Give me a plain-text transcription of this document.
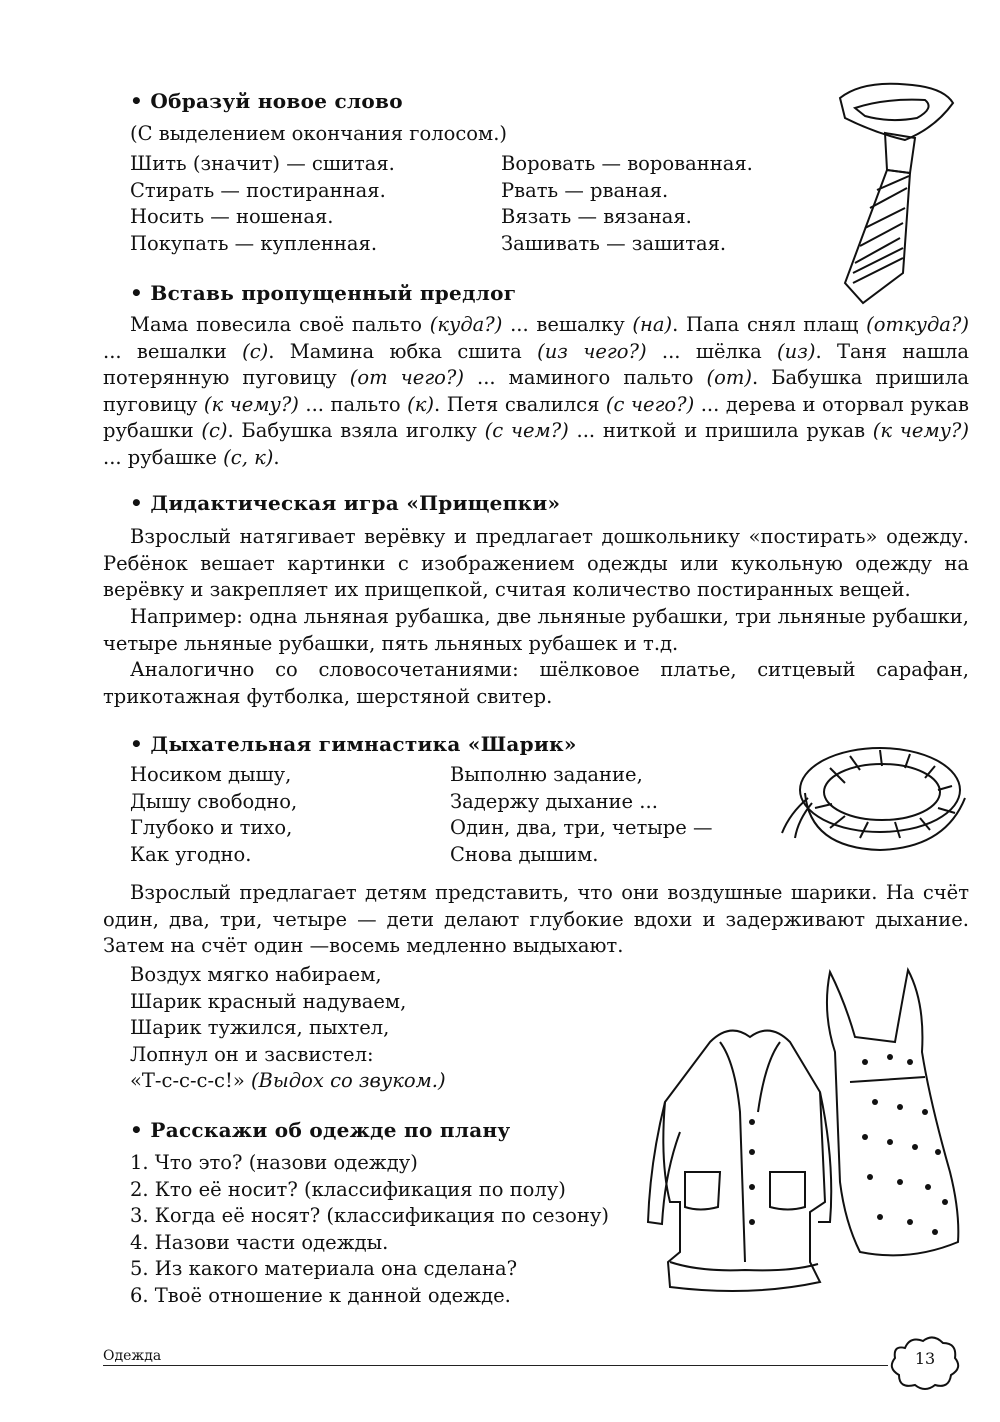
• Образуй новое слово
(С выделением окончания голосом.)
Шить (значит) — сшитая.
Стирать — постиранная.
Носить — ношеная.
Покупать — купленная.
Воровать — ворованная.
Рвать — рваная.
Вязать — вязаная.
Зашивать — зашитая.
• Вставь пропущенный предлог
Мама повесила своё пальто (куда?) ... вешалку (на). Папа снял плащ (откуда?) ... вешалки (с). Мамина юбка сшита (из чего?) ... шёлка (из). Таня нашла потерянную пуговицу (от чего?) ... маминого пальто (от). Бабушка пришила пуговицу (к чему?) ... пальто (к). Петя свалился (с чего?) ... дерева и оторвал рукав рубашки (с). Бабушка взяла иголку (с чем?) ... ниткой и пришила рукав (к чему?) ... рубашке (с, к).
• Дидактическая игра «Прищепки»
Взрослый натягивает верёвку и предлагает дошкольнику «постирать» одежду. Ребёнок вешает картинки с изображением одежды или кукольную одежду на верёвку и закрепляет их прищепкой, считая количество постиранных вещей.
Например: одна льняная рубашка, две льняные рубашки, три льняные рубашки, четыре льняные рубашки, пять льняных рубашек и т.д.
Аналогично со словосочетаниями: шёлковое платье, ситцевый сарафан, трикотажная футболка, шерстяной свитер.
• Дыхательная гимнастика «Шарик»
Носиком дышу,
Дышу свободно,
Глубоко и тихо,
Как угодно.
Выполню задание,
Задержу дыхание ...
Один, два, три, четыре —
Снова дышим.
Взрослый предлагает детям представить, что они воздушные шарики. На счёт один, два, три, четыре — дети делают глубокие вдохи и задерживают дыхание. Затем на счёт один —восемь медленно выдыхают.
Воздух мягко набираем,
Шарик красный надуваем,
Шарик тужился, пыхтел,
Лопнул он и засвистел:
«Т-с-с-с-с!» (Выдох со звуком.)
• Расскажи об одежде по плану
1. Что это? (назови одежду)
2. Кто её носит? (классификация по полу)
3. Когда её носят? (классификация по сезону)
4. Назови части одежды.
5. Из какого материала она сделана?
6. Твоё отношение к данной одежде.
Одежда	13
